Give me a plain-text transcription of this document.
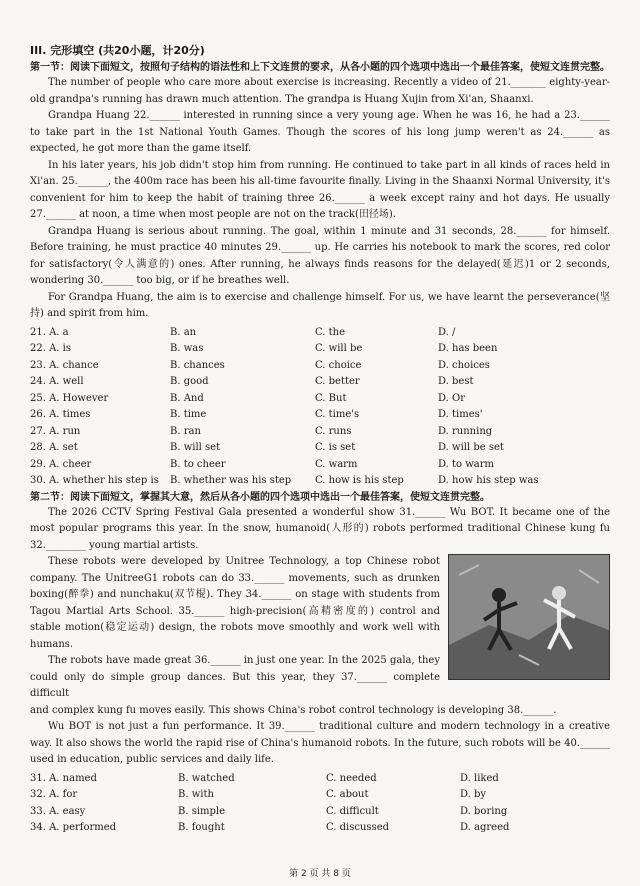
III. 完形填空 (共20小题，计20分)

第一节：阅读下面短文，按照句子结构的语法性和上下文连贯的要求，从各小题的四个选项中选出一个最佳答案，使短文连贯完整。

The number of people who care more about exercise is increasing. Recently a video of 21._______ eighty-year-old grandpa's running has drawn much attention. The grandpa is Huang Xujin from Xi'an, Shaanxi.

Grandpa Huang 22.______ interested in running since a very young age. When he was 16, he had a 23.______ to take part in the 1st National Youth Games. Though the scores of his long jump weren't as 24.______ as expected, he got more than the game itself.

In his later years, his job didn't stop him from running. He continued to take part in all kinds of races held in Xi'an. 25.______, the 400m race has been his all-time favourite finally. Living in the Shaanxi Normal University, it's convenient for him to keep the habit of training three 26.______ a week except rainy and hot days. He usually 27.______ at noon, a time when most people are not on the track(田径场).

Grandpa Huang is serious about running. The goal, within 1 minute and 31 seconds, 28.______ for himself. Before training, he must practice 40 minutes 29.______ up. He carries his notebook to mark the scores, red color for satisfactory(令人满意的) ones. After running, he always finds reasons for the delayed(延迟)1 or 2 seconds, wondering 30.______ too big, or if he breathes well.

For Grandpa Huang, the aim is to exercise and challenge himself. For us, we have learnt the perseverance(坚持) and spirit from him.

21. A. a	B. an	C. the	D. /
22. A. is	B. was	C. will be	D. has been
23. A. chance	B. chances	C. choice	D. choices
24. A. well	B. good	C. better	D. best
25. A. However	B. And	C. But	D. Or
26. A. times	B. time	C. time's	D. times'
27. A. run	B. ran	C. runs	D. running
28. A. set	B. will set	C. is set	D. will be set
29. A. cheer	B. to cheer	C. warm	D. to warm
30. A. whether his step is	B. whether was his step	C. how is his step	D. how his step was

第二节：阅读下面短文，掌握其大意，然后从各小题的四个选项中选出一个最佳答案，使短文连贯完整。

The 2026 CCTV Spring Festival Gala presented a wonderful show 31.______ Wu BOT. It became one of the most popular programs this year. In the snow, humanoid(人形的) robots performed traditional Chinese kung fu 32.________ young martial artists.

These robots were developed by Unitree Technology, a top Chinese robot company. The UnitreeG1 robots can do 33.______ movements, such as drunken boxing(醉拳) and nunchaku(双节棍). They 34.______ on stage with students from Tagou Martial Arts School. 35.______ high-precision(高精密度的) control and stable motion(稳定运动) design, the robots move smoothly and work well with humans.

The robots have made great 36.______ in just one year. In the 2025 gala, they could only do simple group dances. But this year, they 37.______ complete difficult

and complex kung fu moves easily. This shows China's robot control technology is developing 38.______.

Wu BOT is not just a fun performance. It 39.______ traditional culture and modern technology in a creative way. It also shows the world the rapid rise of China's humanoid robots. In the future, such robots will be 40.______ used in education, public services and daily life.

31. A. named	B. watched	C. needed	D. liked
32. A. for	B. with	C. about	D. by
33. A. easy	B. simple	C. difficult	D. boring
34. A. performed	B. fought	C. discussed	D. agreed
第 2 页 共 8 页
